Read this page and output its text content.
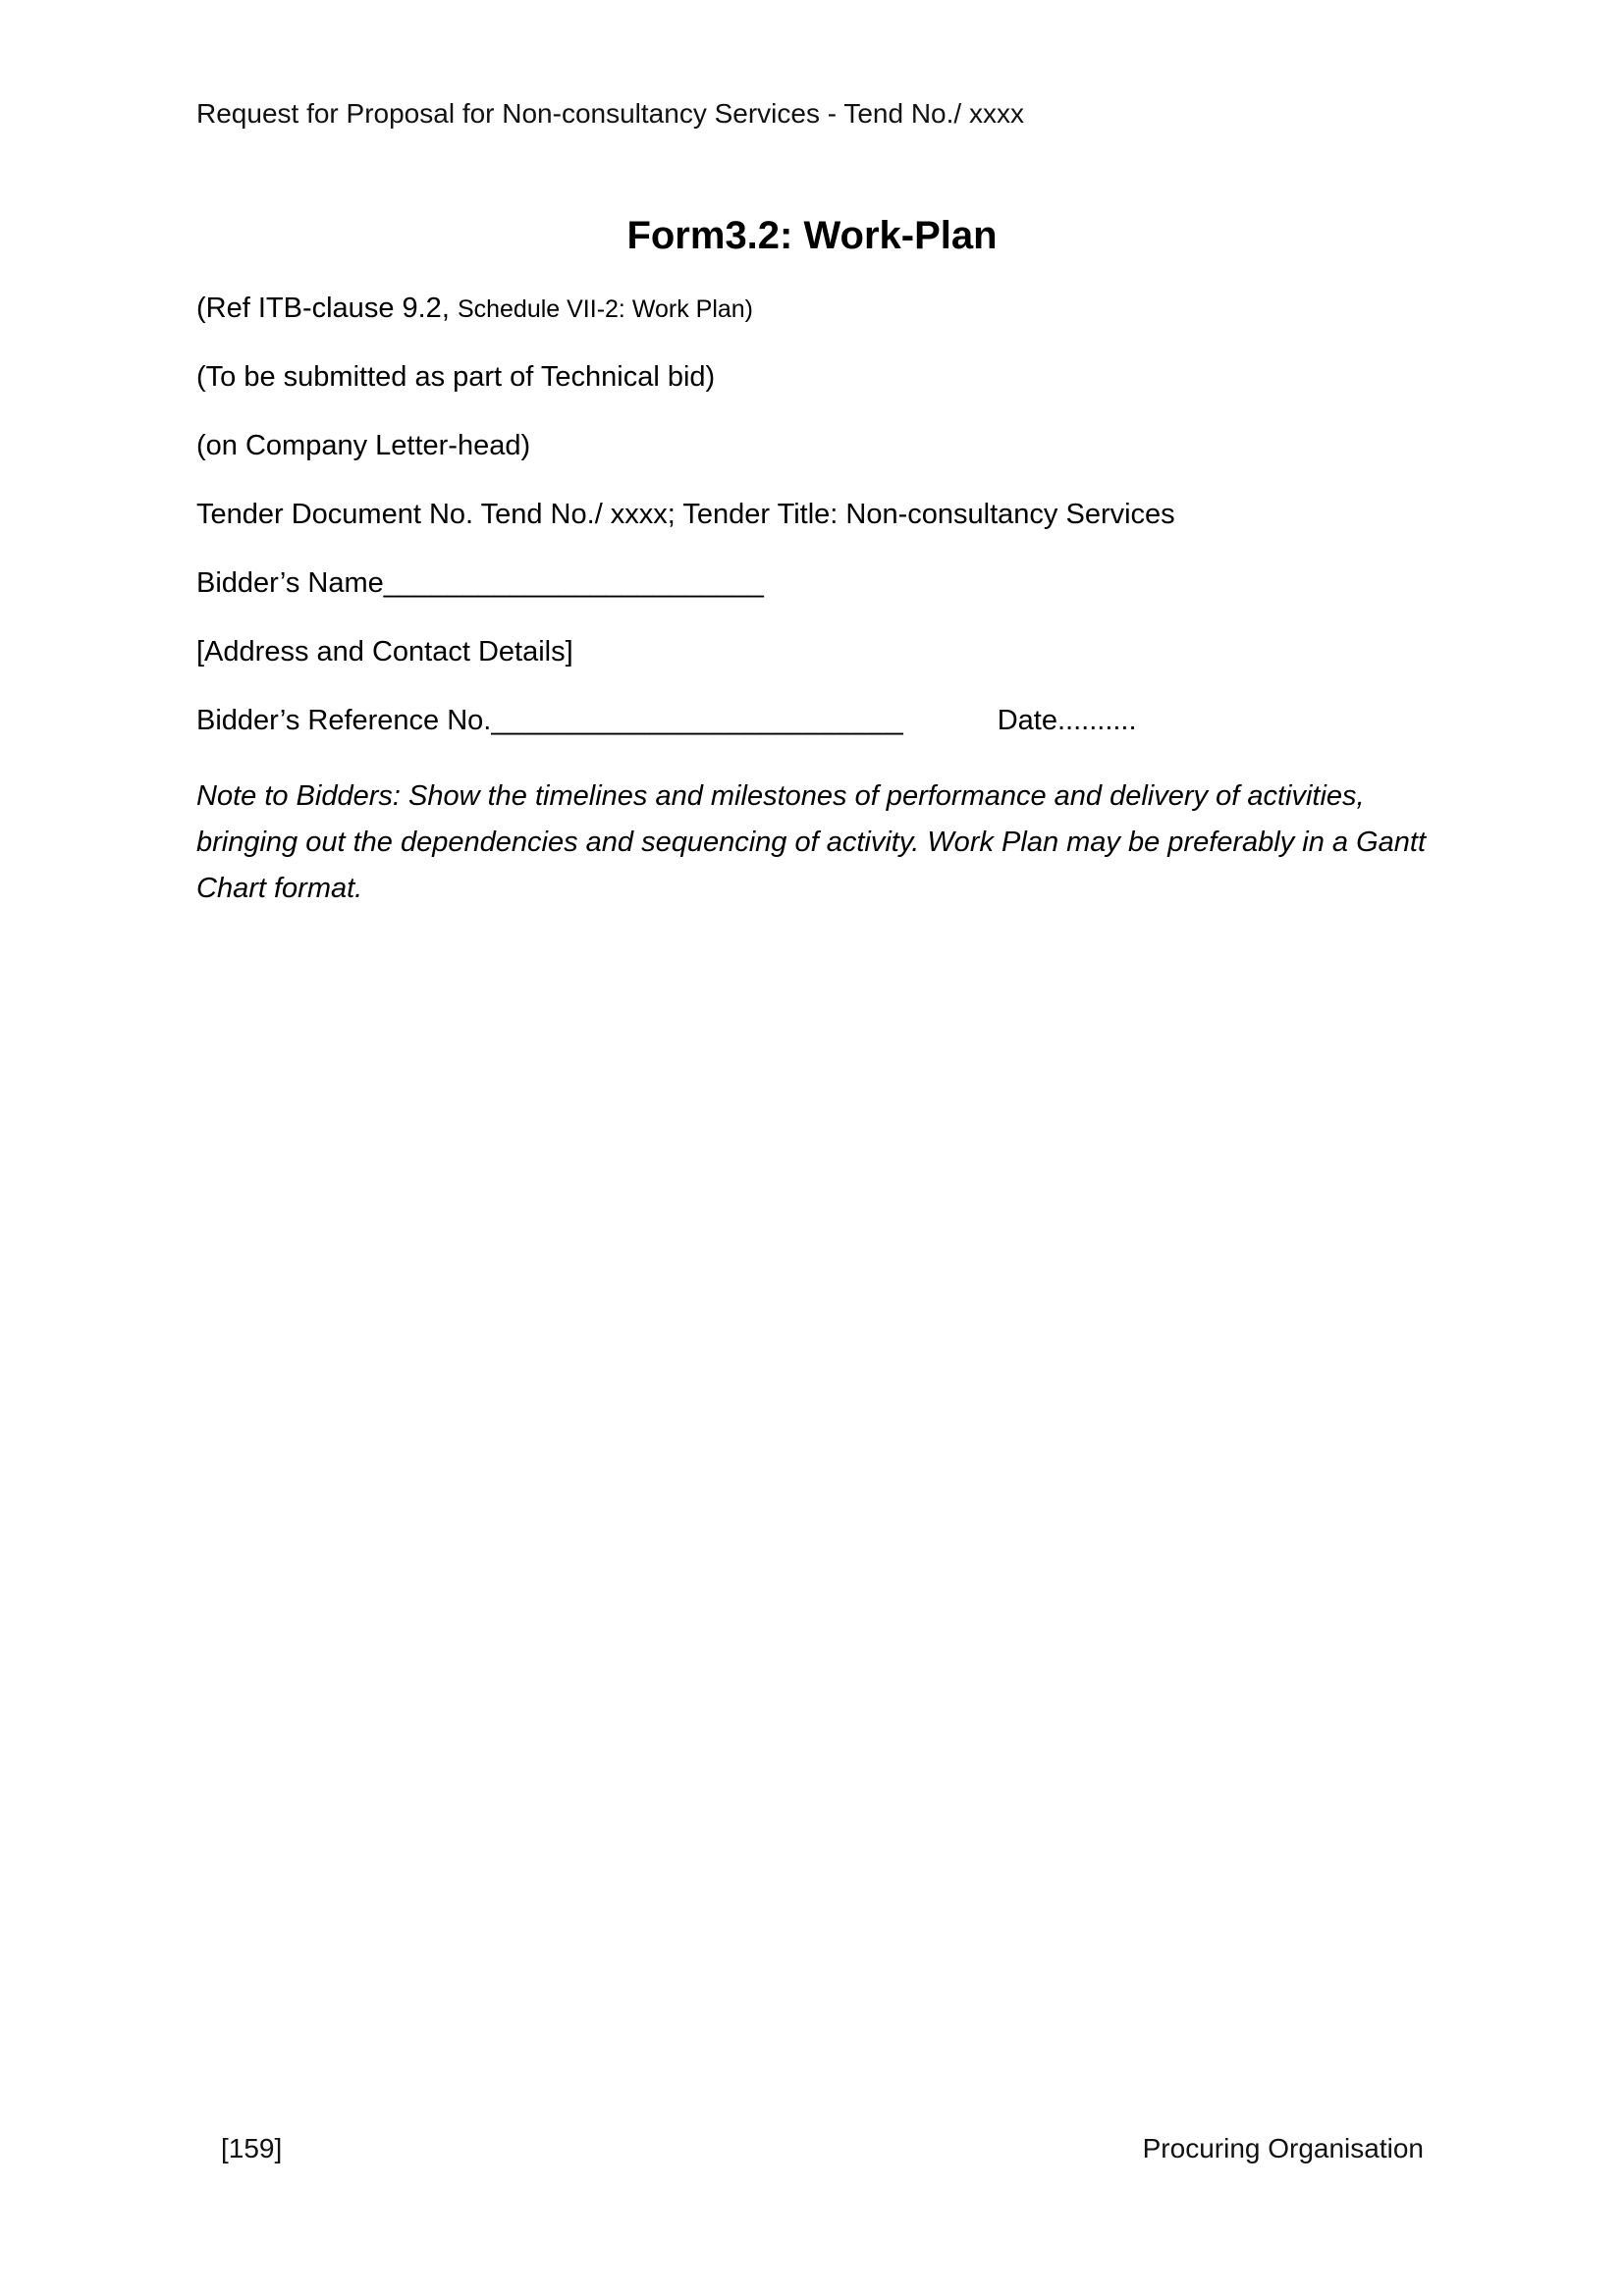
Request for Proposal for Non-consultancy Services - Tend No./ xxxx
Form3.2: Work-Plan

(Ref ITB-clause 9.2, Schedule VII-2: Work Plan)

(To be submitted as part of Technical bid)

(on Company Letter-head)

Tender Document No. Tend No./ xxxx; Tender Title: Non-consultancy Services

Bidder’s Name________________________

[Address and Contact Details]

Bidder’s Reference No.__________________________	Date..........

Note to Bidders: Show the timelines and milestones of performance and delivery of activities,
bringing out the dependencies and sequencing of activity. Work Plan may be preferably in a Gantt
Chart format.
[159]	Procuring Organisation
